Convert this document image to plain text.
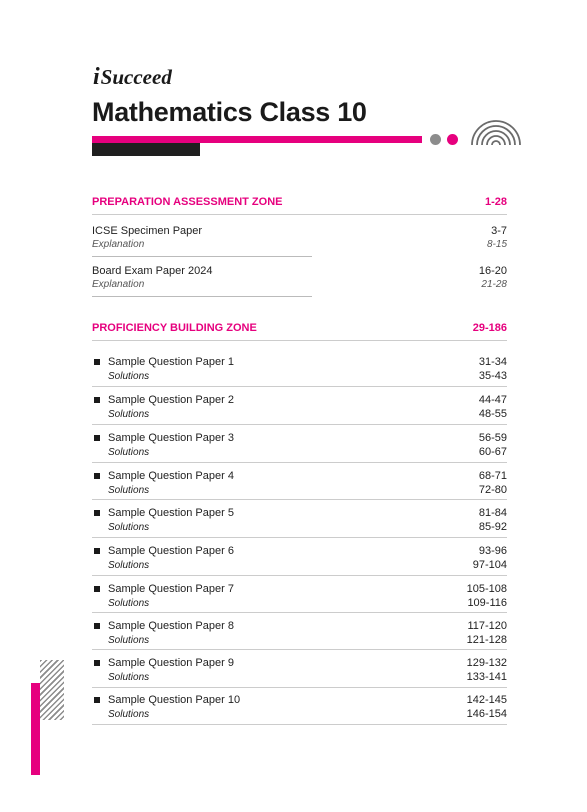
iSucceed
Mathematics Class 10
PREPARATION ASSESSMENT ZONE	1-28
ICSE Specimen Paper	3-7
Explanation	8-15
Board Exam Paper 2024	16-20
Explanation	21-28
PROFICIENCY BUILDING ZONE	29-186
Sample Question Paper 1	31-34
Solutions	35-43
Sample Question Paper 2	44-47
Solutions	48-55
Sample Question Paper 3	56-59
Solutions	60-67
Sample Question Paper 4	68-71
Solutions	72-80
Sample Question Paper 5	81-84
Solutions	85-92
Sample Question Paper 6	93-96
Solutions	97-104
Sample Question Paper 7	105-108
Solutions	109-116
Sample Question Paper 8	117-120
Solutions	121-128
Sample Question Paper 9	129-132
Solutions	133-141
Sample Question Paper 10	142-145
Solutions	146-154
